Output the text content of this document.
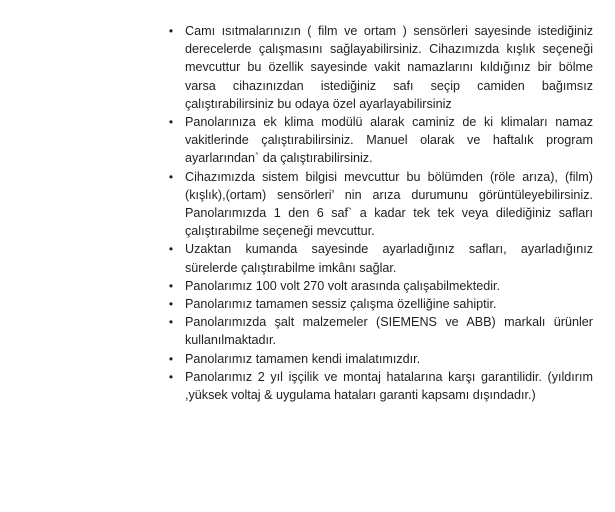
• Camı ısıtmalarınızın ( film ve ortam ) sensörleri sayesinde istediğiniz derecelerde çalışmasını sağlayabilirsiniz. Cihazımızda kışlık seçeneği mevcuttur bu özellik sayesinde vakit namazlarını kıldığınız bir bölme varsa cihazınızdan istediğiniz safı seçip camiden bağımsız çalıştırabilirsiniz bu odaya özel ayarlayabilirsiniz
• Panolarınıza ek klima modülü alarak caminiz de ki klimaları namaz vakitlerinde çalıştırabilirsiniz. Manuel olarak ve haftalık program ayarlarından` da çalıştırabilirsiniz.
• Cihazımızda sistem bilgisi mevcuttur bu bölümden (röle arıza), (film) (kışlık),(ortam) sensörleri’ nin arıza durumunu görüntüleyebilirsiniz. Panolarımızda 1 den 6 saf` a kadar tek tek veya dilediğiniz safları çalıştırabilme seçeneği mevcuttur.
• Uzaktan kumanda sayesinde ayarladığınız safları, ayarladığınız sürelerde çalıştırabilme imkânı sağlar.
• Panolarımız 100 volt 270 volt arasında çalışabilmektedir.
• Panolarımız tamamen sessiz çalışma özelliğine sahiptir.
• Panolarımızda şalt malzemeler (SIEMENS ve ABB) markalı ürünler kullanılmaktadır.
• Panolarımız tamamen kendi imalatımızdır.
• Panolarımız 2 yıl işçilik ve montaj hatalarına karşı garantilidir. (yıldırım ,yüksek voltaj & uygulama hataları garanti kapsamı dışındadır.)
